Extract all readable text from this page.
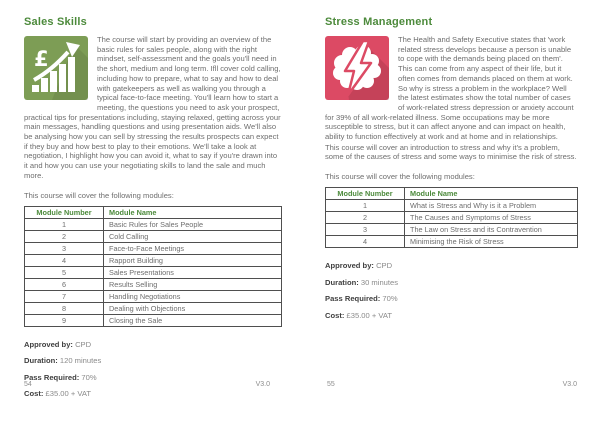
Sales Skills
£

The course will start by providing an overview of the basic rules for sales people, along with the right mindset, self-assessment and the goals you'll need in the short, medium and long term. Ifll cover cold calling, including how to prepare, what to say and how to deal with gatekeepers as well as walking you through a typical face-to-face meeting. You'll learn how to start a meeting, the questions you need to ask your prospect, practical tips for presentations including, staying relaxed, getting across your main messages, handling questions and using presentation aids. We'll also be analysing how you can sell by stressing the results prospects can expect if they buy and how best to play to their emotions. We'll take a look at negotiation, I highlight how you can avoid it, what to say if you're drawn into it and how you can use your negotiating skills to land the sale and much more.

This course will cover the following modules:

Module Number	Module Name
1	Basic Rules for Sales People
2	Cold Calling
3	Face-to-Face Meetings
4	Rapport Building
5	Sales Presentations
6	Results Selling
7	Handling Negotiations
8	Dealing with Objections
9	Closing the Sale

Approved by: CPD

Duration: 120 minutes

Pass Required: 70%

Cost: £35.00 + VAT

Stress Management

The Health and Safety Executive states that 'work related stress develops because a person is unable to cope with the demands being placed on them'. This can come from any aspect of their life, but it often comes from demands placed on them at work. So why is stress a problem in the workplace? Well the latest estimates show the total number of cases of work-related stress depression or anxiety account for 39% of all work-related illness. Some occupations may be more susceptible to stress, but it can affect anyone and can impact on health, ability to function effectively at work and at home and in relationships.

This course will cover an introduction to stress and why it's a problem, some of the causes of stress and some ways to minimise the risk of stress.

This course will cover the following modules:

Module Number	Module Name
1	What is Stress and Why is it a Problem
2	The Causes and Symptoms of Stress
3	The Law on Stress and its Contravention
4	Minimising the Risk of Stress

Approved by: CPD

Duration: 30 minutes

Pass Required: 70%

Cost: £35.00 + VAT

54	V3.0	55	V3.0
